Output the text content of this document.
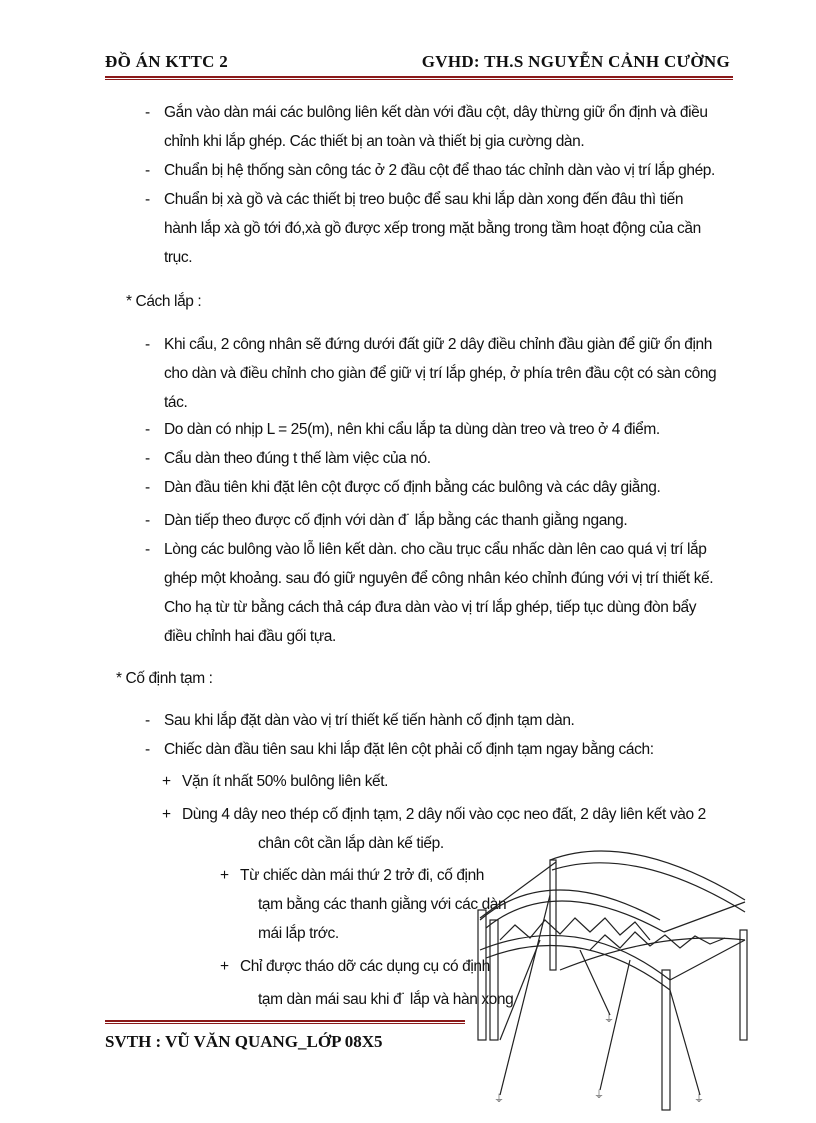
ĐỒ ÁN KTTC 2	GVHD: TH.S NGUYỄN CẢNH CƯỜNG
- Gắn vào dàn mái các bulông liên kết dàn với đầu cột, dây thừng giữ ổn định và điều
chỉnh khi lắp ghép. Các thiết bị an toàn và thiết bị gia cường dàn.
- Chuẩn bị hệ thống sàn công tác ở 2 đầu cột để thao tác chỉnh dàn vào vị trí lắp ghép.
- Chuẩn bị xà gồ và các thiết bị treo buộc để sau khi lắp dàn xong đến đâu thì tiến
hành lắp xà gồ tới đó,xà gồ được xếp trong mặt bằng trong tầm hoạt động của cần
trục.
* Cách lắp :
- Khi cẩu, 2 công nhân sẽ đứng dưới đất giữ 2 dây điều chỉnh đầu giàn để giữ ổn định
cho dàn và điều chỉnh cho giàn để giữ vị trí lắp ghép, ở phía trên đầu cột có sàn công
tác.
- Do dàn có nhịp L = 25(m), nên khi cẩu lắp ta dùng dàn treo và treo ở 4 điểm.
- Cẩu dàn theo đúng t thế làm việc của nó.
- Dàn đầu tiên khi đặt lên cột được cố định bằng các bulông và các dây giằng.
- Dàn tiếp theo được cố định với dàn đ˙ lắp bằng các thanh giằng ngang.
- Lòng các bulông vào lỗ liên kết dàn. cho cầu trục cẩu nhấc dàn lên cao quá vị trí lắp
ghép một khoảng. sau đó giữ nguyên để công nhân kéo chỉnh đúng với vị trí thiết kế.
Cho hạ từ từ bằng cách thả cáp đưa dàn vào vị trí lắp ghép, tiếp tục dùng đòn bẩy
điều chỉnh hai đầu gối tựa.
* Cố định tạm :
- Sau khi lắp đặt dàn vào vị trí thiết kế tiến hành cố định tạm dàn.
- Chiếc dàn đầu tiên sau khi lắp đặt lên cột phải cố định tạm ngay bằng cách:
+ Vặn ít nhất 50% bulông liên kết.
+ Dùng 4 dây neo thép cố định tạm, 2 dây nối vào cọc neo đất, 2 dây liên kết vào 2
chân côt cần lắp dàn kế tiếp.
+ Từ chiếc dàn mái thứ 2 trở đi, cố định
tạm bằng các thanh giằng với các dàn
mái lắp trớc.
+ Chỉ được tháo dỡ các dụng cụ có định
tạm dàn mái sau khi đ˙ lắp và hàn xong
⏚
⏚
⏚	⏚
SVTH : VŨ VĂN QUANG_LỚP 08X5
